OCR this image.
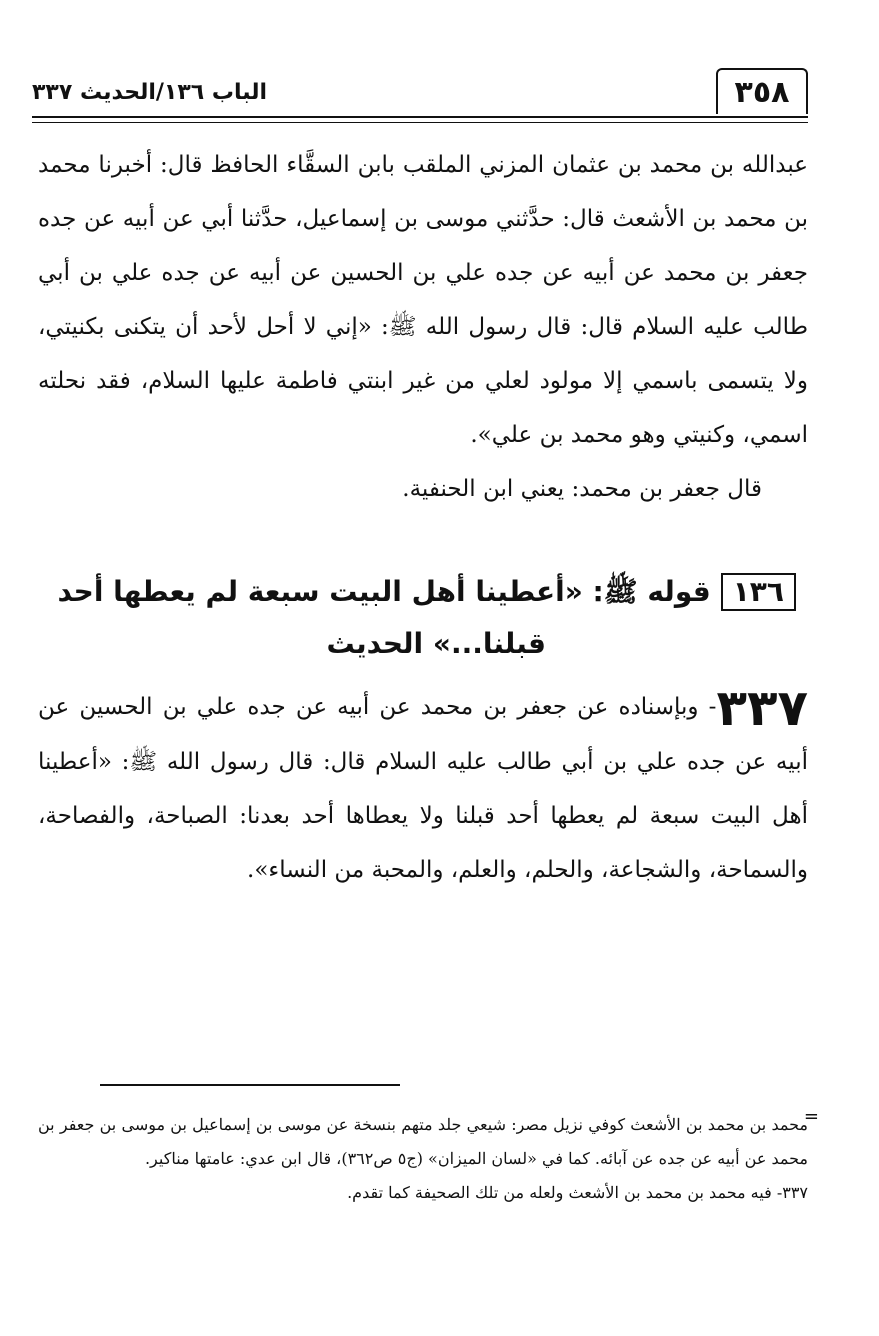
٣٥٨
الباب ١٣٦/الحديث ٣٣٧

عبدالله بن محمد بن عثمان المزني الملقب بابن السقَّاء الحافظ قال: أخبرنا محمد بن محمد بن الأشعث قال: حدَّثني موسى بن إسماعيل، حدَّثنا أبي عن أبيه عن جده جعفر بن محمد عن أبيه عن جده علي بن الحسين عن أبيه عن جده علي بن أبي طالب عليه السلام قال: قال رسول الله ﷺ: «إني لا أحل لأحد أن يتكنى بكنيتي، ولا يتسمى باسمي إلا مولود لعلي من غير ابنتي فاطمة عليها السلام، فقد نحلته اسمي، وكنيتي وهو محمد بن علي».

قال جعفر بن محمد: يعني ابن الحنفية.

١٣٦قوله ﷺ: «أعطينا أهل البيت سبعة لم يعطها أحد
قبلنا...» الحديث
٣٣٧- وبإسناده عن جعفر بن محمد عن أبيه عن جده علي بن الحسين عن أبيه عن جده علي بن أبي طالب عليه السلام قال: قال رسول الله ﷺ: «أعطينا أهل البيت سبعة لم يعطها أحد قبلنا ولا يعطاها أحد بعدنا: الصباحة، والفصاحة، والسماحة، والشجاعة، والحلم، والعلم، والمحبة من النساء».
=

محمد بن محمد بن الأشعث كوفي نزيل مصر: شيعي جلد متهم بنسخة عن موسى بن إسماعيل بن موسى بن جعفر بن محمد عن أبيه عن جده عن آبائه. كما في «لسان الميزان» (ج٥ ص٣٦٢)، قال ابن عدي: عامتها مناكير.

٣٣٧- فيه محمد بن محمد بن الأشعث ولعله من تلك الصحيفة كما تقدم.
